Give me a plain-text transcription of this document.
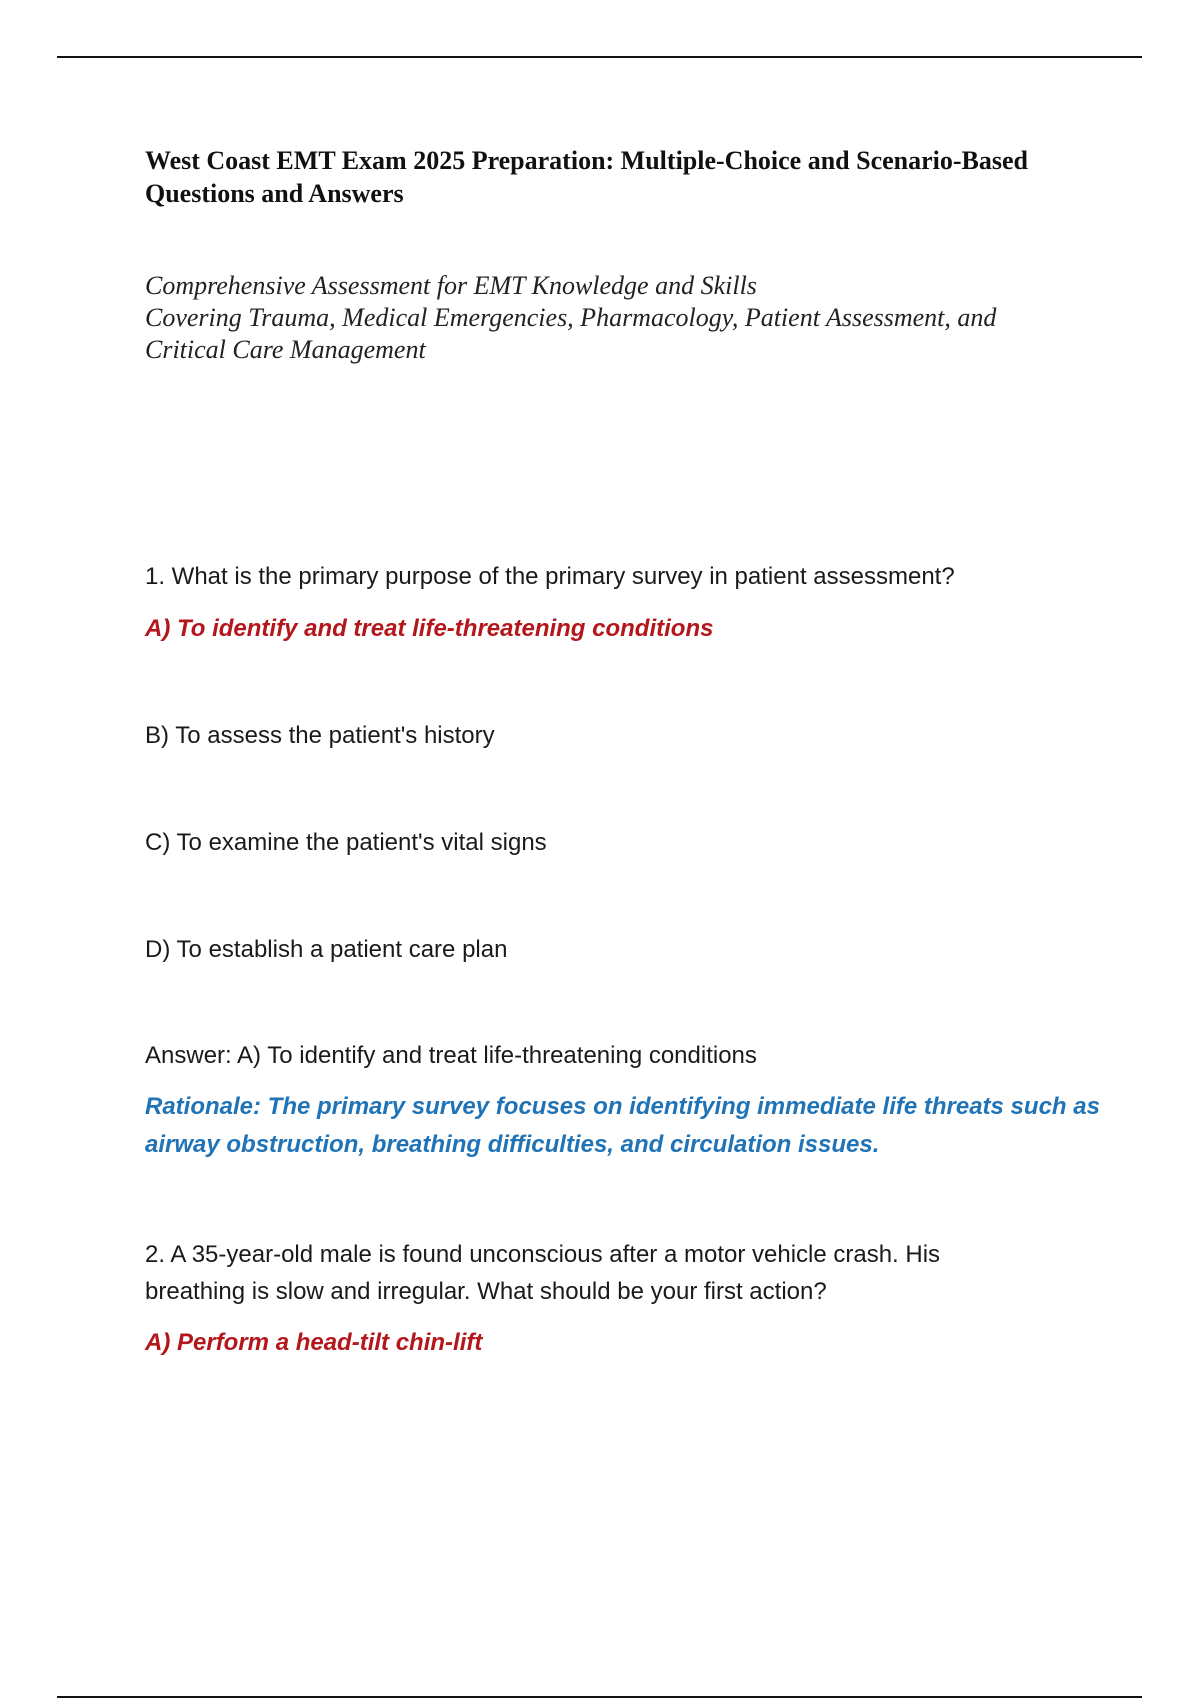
West Coast EMT Exam 2025 Preparation: Multiple-Choice and Scenario-Based Questions and Answers
Comprehensive Assessment for EMT Knowledge and Skills
Covering Trauma, Medical Emergencies, Pharmacology, Patient Assessment, and
Critical Care Management
1. What is the primary purpose of the primary survey in patient assessment?
A) To identify and treat life-threatening conditions
B) To assess the patient's history
C) To examine the patient's vital signs
D) To establish a patient care plan
Answer: A) To identify and treat life-threatening conditions
Rationale: The primary survey focuses on identifying immediate life threats such as airway obstruction, breathing difficulties, and circulation issues.
2. A 35-year-old male is found unconscious after a motor vehicle crash. His breathing is slow and irregular. What should be your first action?
A) Perform a head-tilt chin-lift
